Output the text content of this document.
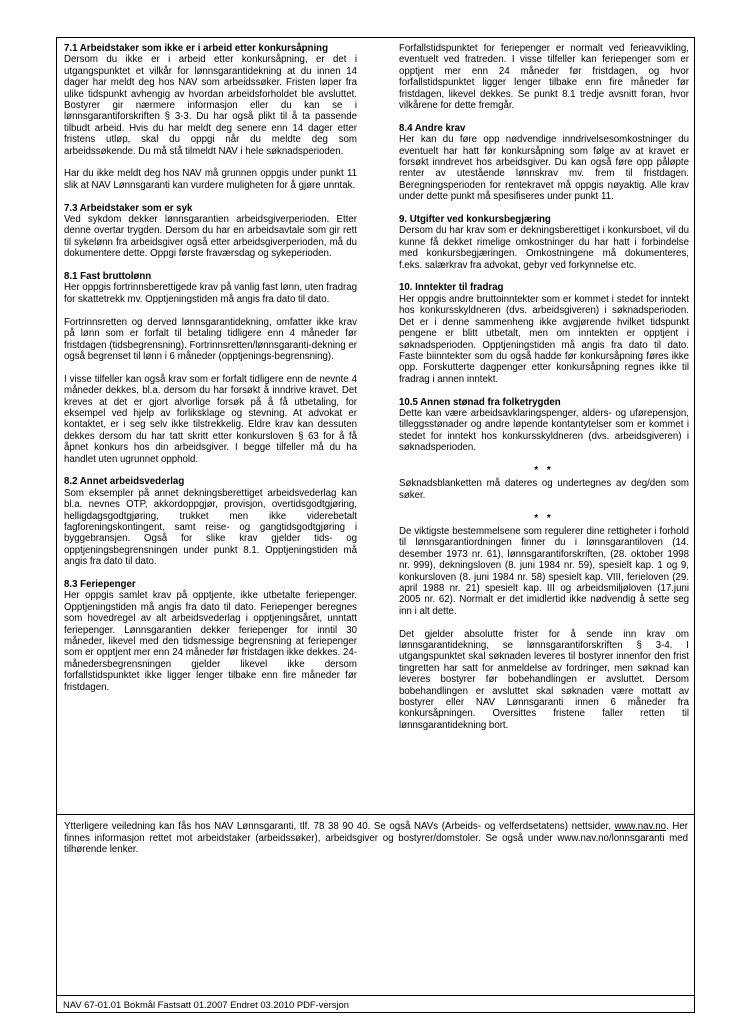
7.1 Arbeidstaker som ikke er i arbeid etter konkursåpning

Dersom du ikke er i arbeid etter konkursåpning, er det i utgangspunktet et vilkår for lønnsgarantidekning at du innen 14 dager har meldt deg hos NAV som arbeidssøker. Fristen løper fra ulike tidspunkt avhengig av hvordan arbeidsforholdet ble avsluttet. Bostyrer gir nærmere informasjon eller du kan se i lønnsgarantiforskriften § 3-3. Du har også plikt til å ta passende tilbudt arbeid. Hvis du har meldt deg senere enn 14 dager etter fristens utløp, skal du oppgi når du meldte deg som arbeidssøkende. Du må stå tilmeldt NAV i hele søknadsperioden.

Har du ikke meldt deg hos NAV må grunnen oppgis under punkt 11 slik at NAV Lønnsgaranti kan vurdere muligheten for å gjøre unntak.

7.3 Arbeidstaker som er syk

Ved sykdom dekker lønnsgarantien arbeidsgiverperioden. Etter denne overtar trygden. Dersom du har en arbeidsavtale som gir rett til sykelønn fra arbeidsgiver også etter arbeidsgiverperioden, må du dokumentere dette. Oppgi første fraværsdag og sykeperioden.

8.1 Fast bruttolønn

Her oppgis fortrinnsberettigede krav på vanlig fast lønn, uten fradrag for skattetrekk mv. Opptjeningstiden må angis fra dato til dato.

Fortrinnsretten og derved lønnsgarantidekning, omfatter ikke krav på lønn som er forfalt til betaling tidligere enn 4 måneder før fristdagen (tidsbegrensning). Fortrinnsretten/lønnsgaranti-dekning er også begrenset til lønn i 6 måneder (opptjenings-begrensning).

I visse tilfeller kan også krav som er forfalt tidligere enn de nevnte 4 måneder dekkes, bl.a. dersom du har forsøkt å inndrive kravet. Det kreves at det er gjort alvorlige forsøk på å få utbetaling, for eksempel ved hjelp av forliksklage og stevning. At advokat er kontaktet, er i seg selv ikke tilstrekkelig. Eldre krav kan dessuten dekkes dersom du har tatt skritt etter konkursloven § 63 for å få åpnet konkurs hos din arbeidsgiver. I begge tilfeller må du ha handlet uten ugrunnet opphold.

8.2 Annet arbeidsvederlag

Som eksempler på annet dekningsberettiget arbeidsvederlag kan bl.a. nevnes OTP, akkordoppgjør, provisjon, overtidsgodtgjøring, helligdagsgodtgjøring, trukket men ikke viderebetalt fagforeningskontingent, samt reise- og gangtidsgodtgjøring i byggebransjen. Også for slike krav gjelder tids- og opptjeningsbegrensningen under punkt 8.1. Opptjeningstiden må angis fra dato til dato.

8.3 Feriepenger

Her oppgis samlet krav på opptjente, ikke utbetalte feriepenger. Opptjeningstiden må angis fra dato til dato. Feriepenger beregnes som hovedregel av alt arbeidsvederlag i opptjeningsåret, unntatt feriepenger. Lønnsgarantien dekker feriepenger for inntil 30 måneder, likevel med den tidsmessige begrensning at feriepenger som er opptjent mer enn 24 måneder før fristdagen ikke dekkes. 24-månedersbegrensningen gjelder likevel ikke dersom forfallstidspunktet ikke ligger lenger tilbake enn fire måneder før fristdagen.

Forfallstidspunktet for feriepenger er normalt ved ferieavvikling, eventuelt ved fratreden. I visse tilfeller kan feriepenger som er opptjent mer enn 24 måneder før fristdagen, og hvor forfallstidspunktet ligger lenger tilbake enn fire måneder før fristdagen, likevel dekkes. Se punkt 8.1 tredje avsnitt foran, hvor vilkårene for dette fremgår.

8.4 Andre krav

Her kan du føre opp nødvendige inndrivelsesomkostninger du eventuelt har hatt før konkursåpning som følge av at kravet er forsøkt inndrevet hos arbeidsgiver. Du kan også føre opp påløpte renter av utestående lønnskrav mv. frem til fristdagen. Beregningsperioden for rentekravet må oppgis nøyaktig. Alle krav under dette punkt må spesifiseres under punkt 11.

9. Utgifter ved konkursbegjæring

Dersom du har krav som er dekningsberettiget i konkursboet, vil du kunne få dekket rimelige omkostninger du har hatt i forbindelse med konkursbegjæringen. Omkostningene må dokumenteres, f.eks. salærkrav fra advokat, gebyr ved forkynnelse etc.

10. Inntekter til fradrag

Her oppgis andre bruttoinntekter som er kommet i stedet for inntekt hos konkursskyldneren (dvs. arbeidsgiveren) i søknadsperioden. Det er i denne sammenheng ikke avgjørende hvilket tidspunkt pengene er blitt utbetalt, men om inntekten er opptjent i søknadsperioden. Opptjeningstiden må angis fra dato til dato. Faste biinntekter som du også hadde før konkursåpning føres ikke opp. Forskutterte dagpenger etter konkursåpning regnes ikke til fradrag i annen inntekt.

10.5 Annen stønad fra folketrygden

Dette kan være arbeidsavklaringspenger, alders- og uførepensjon, tilleggsstønader og andre løpende kontantytelser som er kommet i stedet for inntekt hos konkursskyldneren (dvs. arbeidsgiveren) i søknadsperioden.

* *

Søknadsblanketten må dateres og undertegnes av deg/den som søker.

* *

De viktigste bestemmelsene som regulerer dine rettigheter i forhold til lønnsgarantiordningen finner du i lønnsgarantiloven (14. desember 1973 nr. 61), lønnsgarantiforskriften, (28. oktober 1998 nr. 999), dekningsloven (8. juni 1984 nr. 59), spesielt kap. 1 og 9, konkursloven (8. juni 1984 nr. 58) spesielt kap. VIII, ferieloven (29. april 1988 nr. 21) spesielt kap. III og arbeidsmiljøloven (17.juni 2005 nr. 62). Normalt er det imidlertid ikke nødvendig å sette seg inn i alt dette.

Det gjelder absolutte frister for å sende inn krav om lønnsgarantidekning, se lønnsgarantiforskriften § 3-4. I utgangspunktet skal søknaden leveres til bostyrer innenfor den frist tingretten har satt for anmeldelse av fordringer, men søknad kan leveres bostyrer før bobehandlingen er avsluttet. Dersom bobehandlingen er avsluttet skal søknaden være mottatt av bostyrer eller NAV Lønnsgaranti innen 6 måneder fra konkursåpningen. Oversittes fristene faller retten til lønnsgarantidekning bort.

Ytterligere veiledning kan fås hos NAV Lønnsgaranti, tlf. 78 38 90 40. Se også NAVs (Arbeids- og velferdsetatens) nettsider, www.nav.no. Her finnes informasjon rettet mot arbeidstaker (arbeidssøker), arbeidsgiver og bostyrer/domstoler. Se også under www.nav.no/lonnsgaranti med tilhørende lenker.
NAV 67-01.01 Bokmål Fastsatt 01.2007 Endret 03.2010 PDF-versjon
